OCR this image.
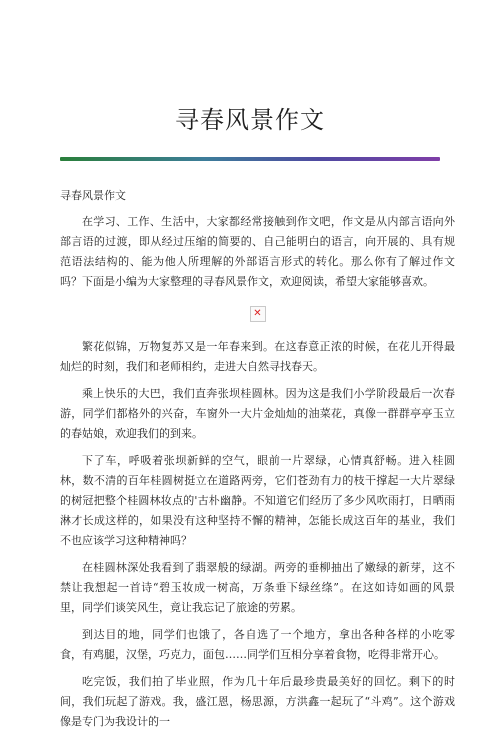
寻春风景作文
寻春风景作文

在学习、工作、生活中，大家都经常接触到作文吧，作文是从内部言语向外部言语的过渡，即从经过压缩的简要的、自己能明白的语言，向开展的、具有规范语法结构的、能为他人所理解的外部语言形式的转化。那么你有了解过作文吗？下面是小编为大家整理的寻春风景作文，欢迎阅读，希望大家能够喜欢。

✕

繁花似锦，万物复苏又是一年春来到。在这春意正浓的时候，在花儿开得最灿烂的时刻，我们和老师相约，走进大自然寻找春天。

乘上快乐的大巴，我们直奔张坝桂圆林。因为这是我们小学阶段最后一次春游，同学们都格外的兴奋，车窗外一大片金灿灿的油菜花，真像一群群亭亭玉立的春姑娘，欢迎我们的到来。

下了车，呼吸着张坝新鲜的空气，眼前一片翠绿，心情真舒畅。进入桂圆林，数不清的百年桂圆树挺立在道路两旁，它们苍劲有力的枝干撑起一大片翠绿的树冠把整个桂圆林妆点的'古朴幽静。不知道它们经历了多少风吹雨打，日晒雨淋才长成这样的，如果没有这种坚持不懈的精神，怎能长成这百年的基业，我们不也应该学习这种精神吗？

在桂圆林深处我看到了翡翠般的绿湖。两旁的垂柳抽出了嫩绿的新芽，这不禁让我想起一首诗“碧玉妆成一树高，万条垂下绿丝绦”。在这如诗如画的风景里，同学们谈笑风生，竟让我忘记了旅途的劳累。

到达目的地，同学们也饿了，各自选了一个地方，拿出各种各样的小吃零食，有鸡腿，汉堡，巧克力，面包……同学们互相分享着食物，吃得非常开心。

吃完饭，我们拍了毕业照，作为几十年后最珍贵最美好的回忆。剩下的时间，我们玩起了游戏。我，盛江恩，杨思源，方洪鑫一起玩了“斗鸡”。这个游戏像是专门为我设计的一
